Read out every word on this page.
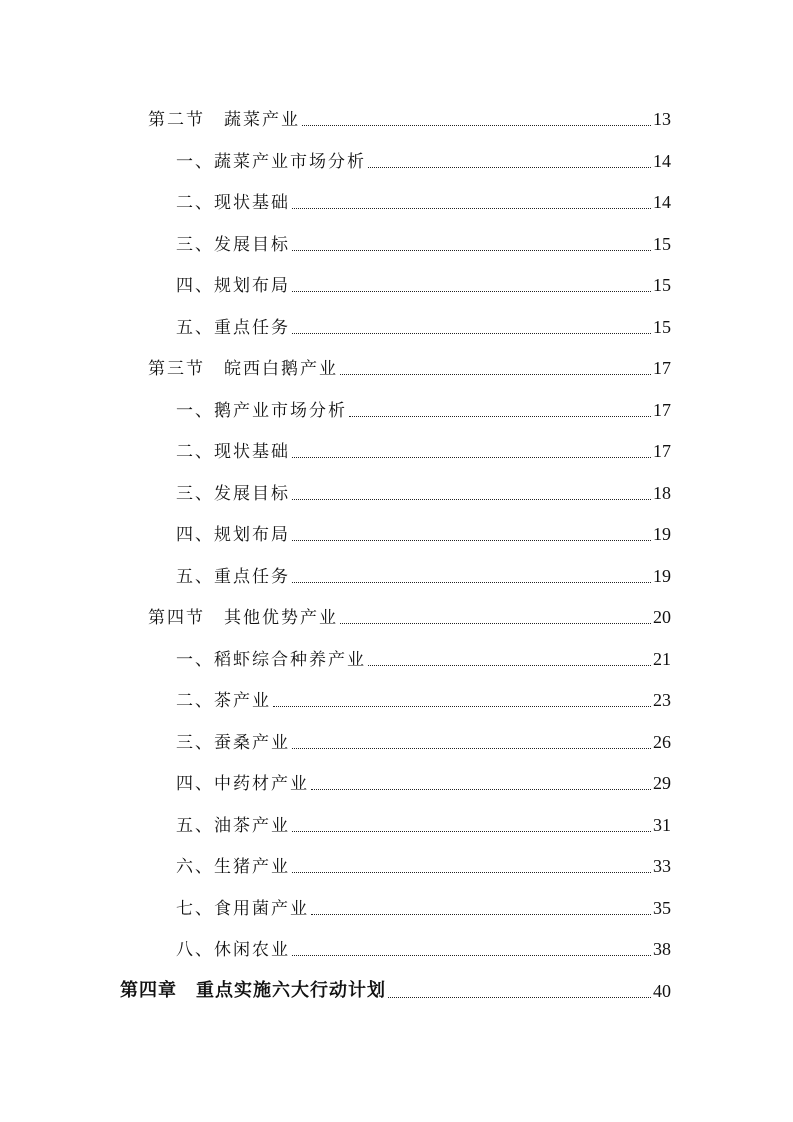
第二节　蔬菜产业	13
一、蔬菜产业市场分析	14
二、现状基础	14
三、发展目标	15
四、规划布局	15
五、重点任务	15
第三节　皖西白鹅产业	17
一、鹅产业市场分析	17
二、现状基础	17
三、发展目标	18
四、规划布局	19
五、重点任务	19
第四节　其他优势产业	20
一、稻虾综合种养产业	21
二、茶产业	23
三、蚕桑产业	26
四、中药材产业	29
五、油茶产业	31
六、生猪产业	33
七、食用菌产业	35
八、休闲农业	38
第四章　重点实施六大行动计划	40
